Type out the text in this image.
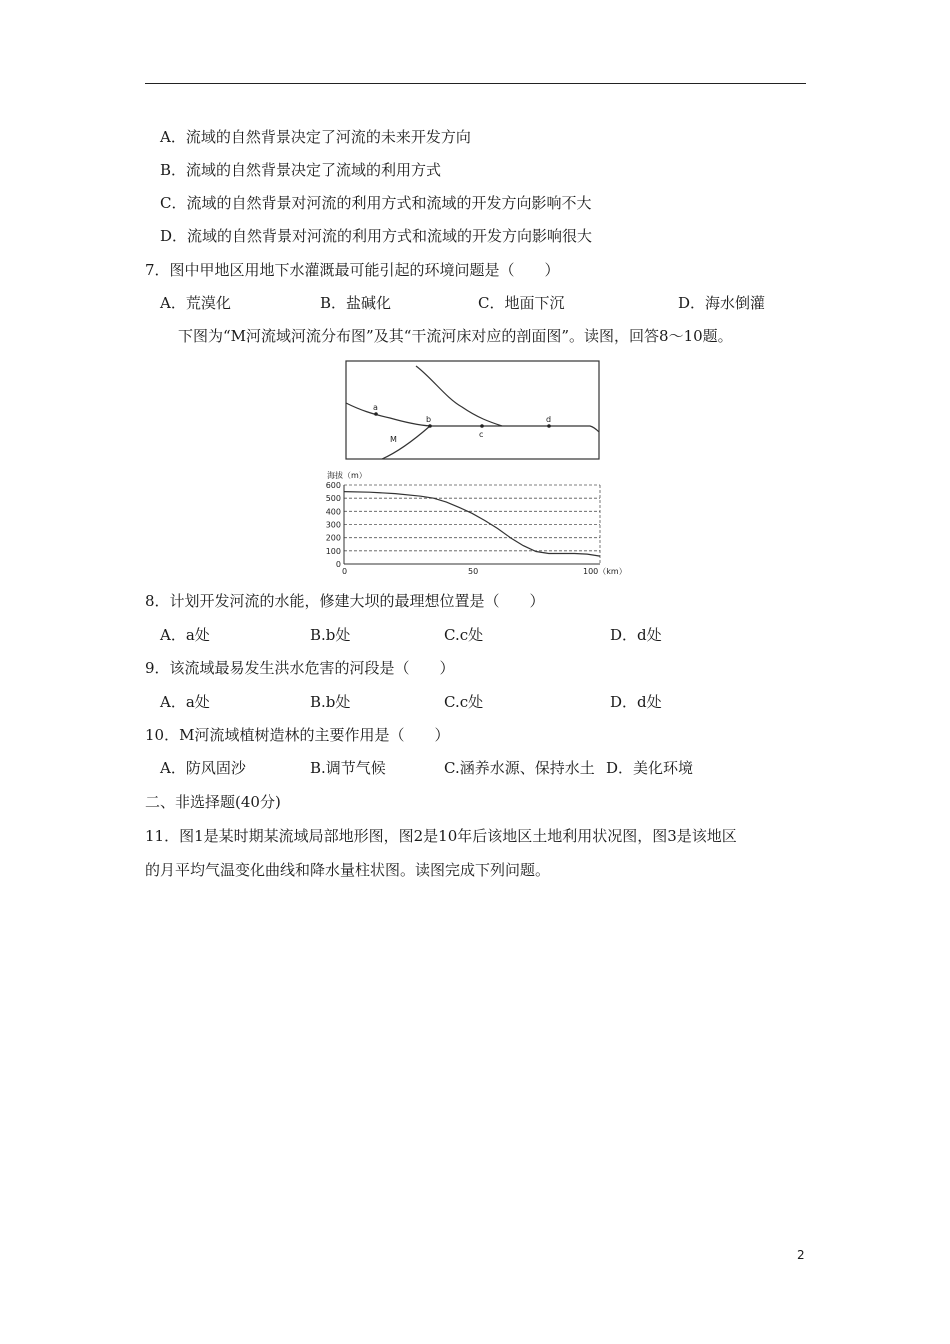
A．流域的自然背景决定了河流的未来开发方向
B．流域的自然背景决定了流域的利用方式
C．流域的自然背景对河流的利用方式和流域的开发方向影响不大
D．流域的自然背景对河流的利用方式和流域的开发方向影响很大
7．图中甲地区用地下水灌溉最可能引起的环境问题是（　　）
A．荒漠化	B．盐碱化	C．地面下沉	D．海水倒灌
下图为“M河流域河流分布图”及其“干流河床对应的剖面图”。读图，回答8～10题。
a
b
c
d
M
海拔（m）
600
500
400
300
200
100
0
0	50	100（km）
8．计划开发河流的水能，修建大坝的最理想位置是（　　）
A．a处	B.b处	C.c处	D．d处
9．该流域最易发生洪水危害的河段是（　　）
A．a处	B.b处	C.c处	D．d处
10．M河流域植树造林的主要作用是（　　）
A．防风固沙	B.调节气候	C.涵养水源、保持水土 D．美化环境
二、非选择题(40分)
11．图1是某时期某流域局部地形图，图2是10年后该地区土地利用状况图，图3是该地区
的月平均气温变化曲线和降水量柱状图。读图完成下列问题。
2
